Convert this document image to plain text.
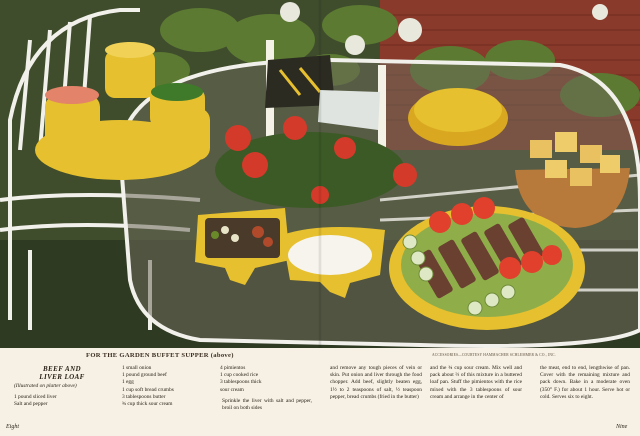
FOR THE GARDEN BUFFET SUPPER (above)	ACCESSORIES—COURTESY HAMMACHER SCHLEMMER & CO., INC.
BEEF AND
LIVER LOAF
(Illustrated on platter above)
1 pound sliced liver
Salt and pepper
1 small onion
1 pound ground beef
1 egg
1 cup soft bread crumbs
3 tablespoons butter
¾ cup thick sour cream
4 pimientos
1 cup cooked rice
3 tablespoons thick
sour cream
Sprinkle the liver with salt and pepper, broil on both sides
and remove any tough pieces of vein or skin. Put onion and liver through the food chopper. Add beef, slightly beaten egg, 1½ to 2 teaspoons of salt, ½ teaspoon pepper, bread crumbs (fried in the butter)
and the ¾ cup sour cream. Mix well and pack about ⅔ of this mixture in a buttered loaf pan. Stuff the pimientos with the rice mixed with the 3 tablespoons of sour cream and arrange in the center of
the meat, end to end, lengthwise of pan. Cover with the remaining mixture and pack down. Bake in a moderate oven (350° F.) for about 1 hour. Serve hot or cold. Serves six to eight.
Eight	Nine
